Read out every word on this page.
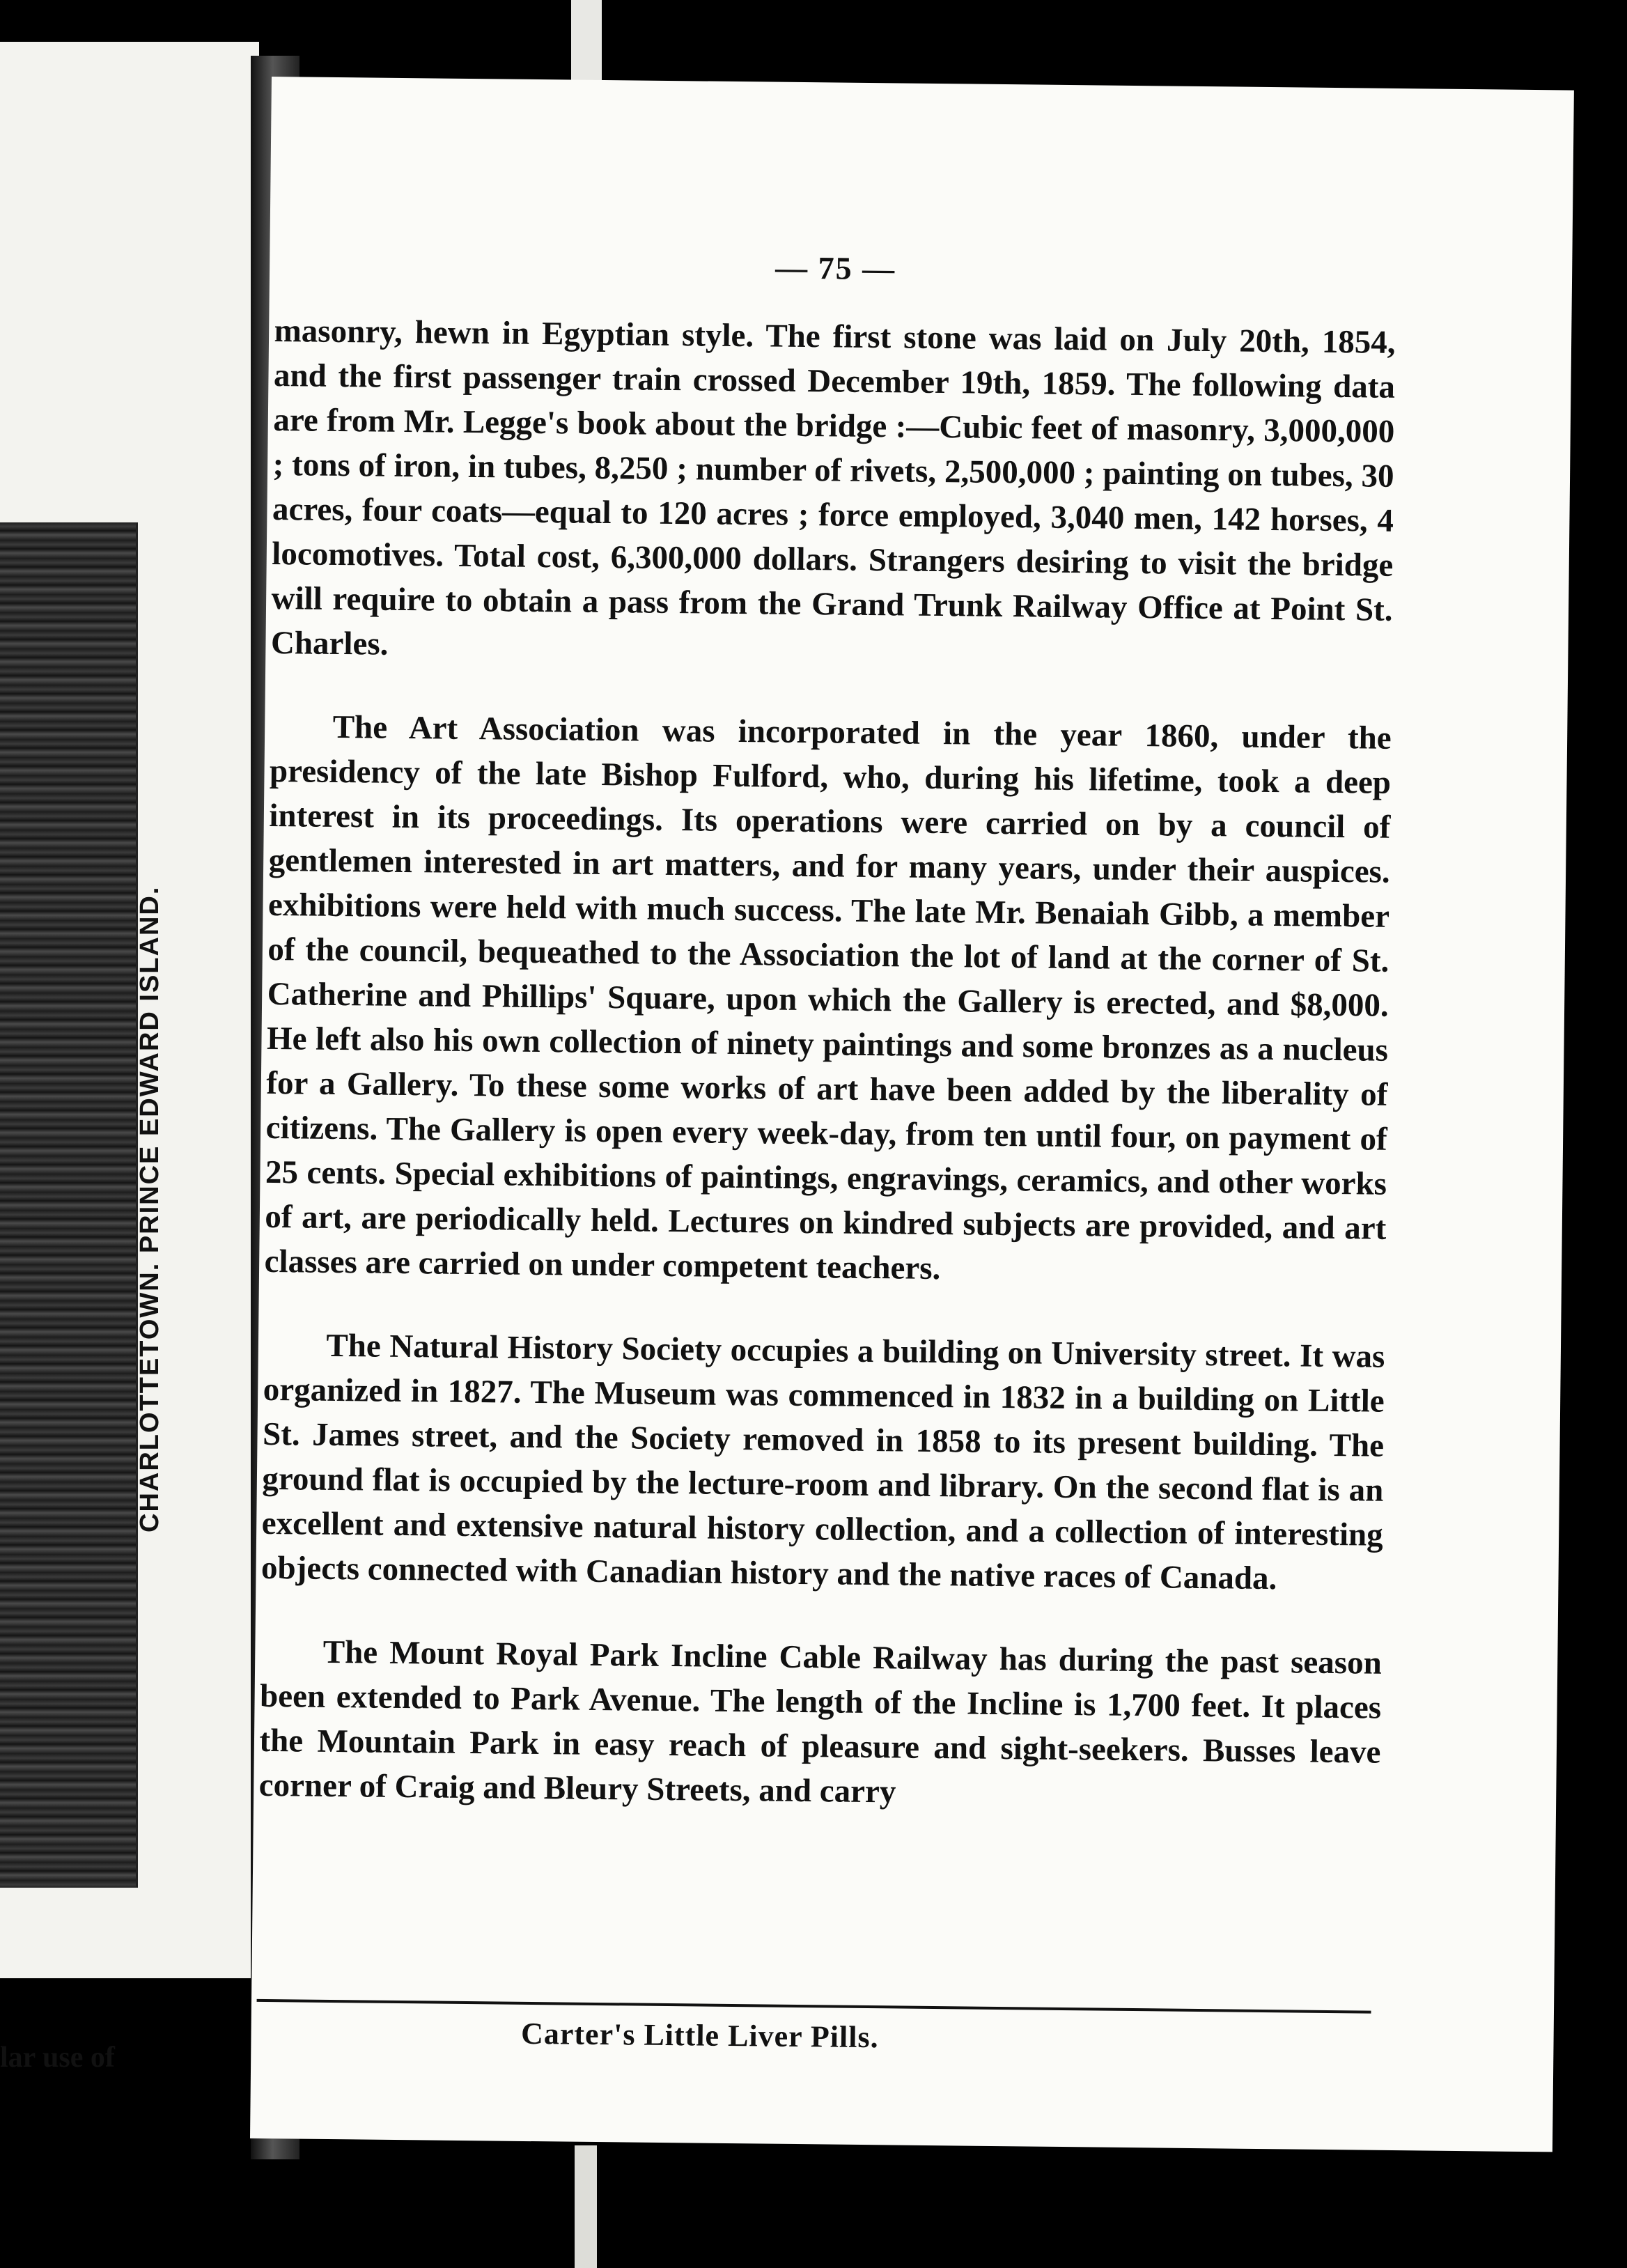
CHARLOTTETOWN. PRINCE EDWARD ISLAND.
lar use of
— 75 —

masonry, hewn in Egyptian style. The first stone was laid on July 20th, 1854, and the first passenger train crossed December 19th, 1859. The following data are from Mr. Legge's book about the bridge :—Cubic feet of masonry, 3,000,000 ; tons of iron, in tubes, 8,250 ; number of rivets, 2,500,000 ; painting on tubes, 30 acres, four coats—equal to 120 acres ; force employed, 3,040 men, 142 horses, 4 locomotives. Total cost, 6,300,000 dollars. Strangers desiring to visit the bridge will require to obtain a pass from the Grand Trunk Railway Office at Point St. Charles.

The Art Association was incorporated in the year 1860, under the presidency of the late Bishop Fulford, who, during his lifetime, took a deep interest in its proceedings. Its operations were carried on by a council of gentlemen interested in art matters, and for many years, under their auspices. exhibitions were held with much success. The late Mr. Benaiah Gibb, a member of the council, bequeathed to the Association the lot of land at the corner of St. Catherine and Phillips' Square, upon which the Gallery is erected, and $8,000. He left also his own collection of ninety paintings and some bronzes as a nucleus for a Gallery. To these some works of art have been added by the liberality of citizens. The Gallery is open every week-day, from ten until four, on payment of 25 cents. Special exhibitions of paintings, engravings, ceramics, and other works of art, are periodically held. Lectures on kindred subjects are provided, and art classes are carried on under competent teachers.

The Natural History Society occupies a building on University street. It was organized in 1827. The Museum was commenced in 1832 in a building on Little St. James street, and the Society removed in 1858 to its present building. The ground flat is occupied by the lecture-room and library. On the second flat is an excellent and extensive natural history collection, and a collection of interesting objects connected with Canadian history and the native races of Canada.

The Mount Royal Park Incline Cable Railway has during the past season been extended to Park Avenue. The length of the Incline is 1,700 feet. It places the Mountain Park in easy reach of pleasure and sight-seekers. Busses leave corner of Craig and Bleury Streets, and carry

Carter's Little Liver Pills.
